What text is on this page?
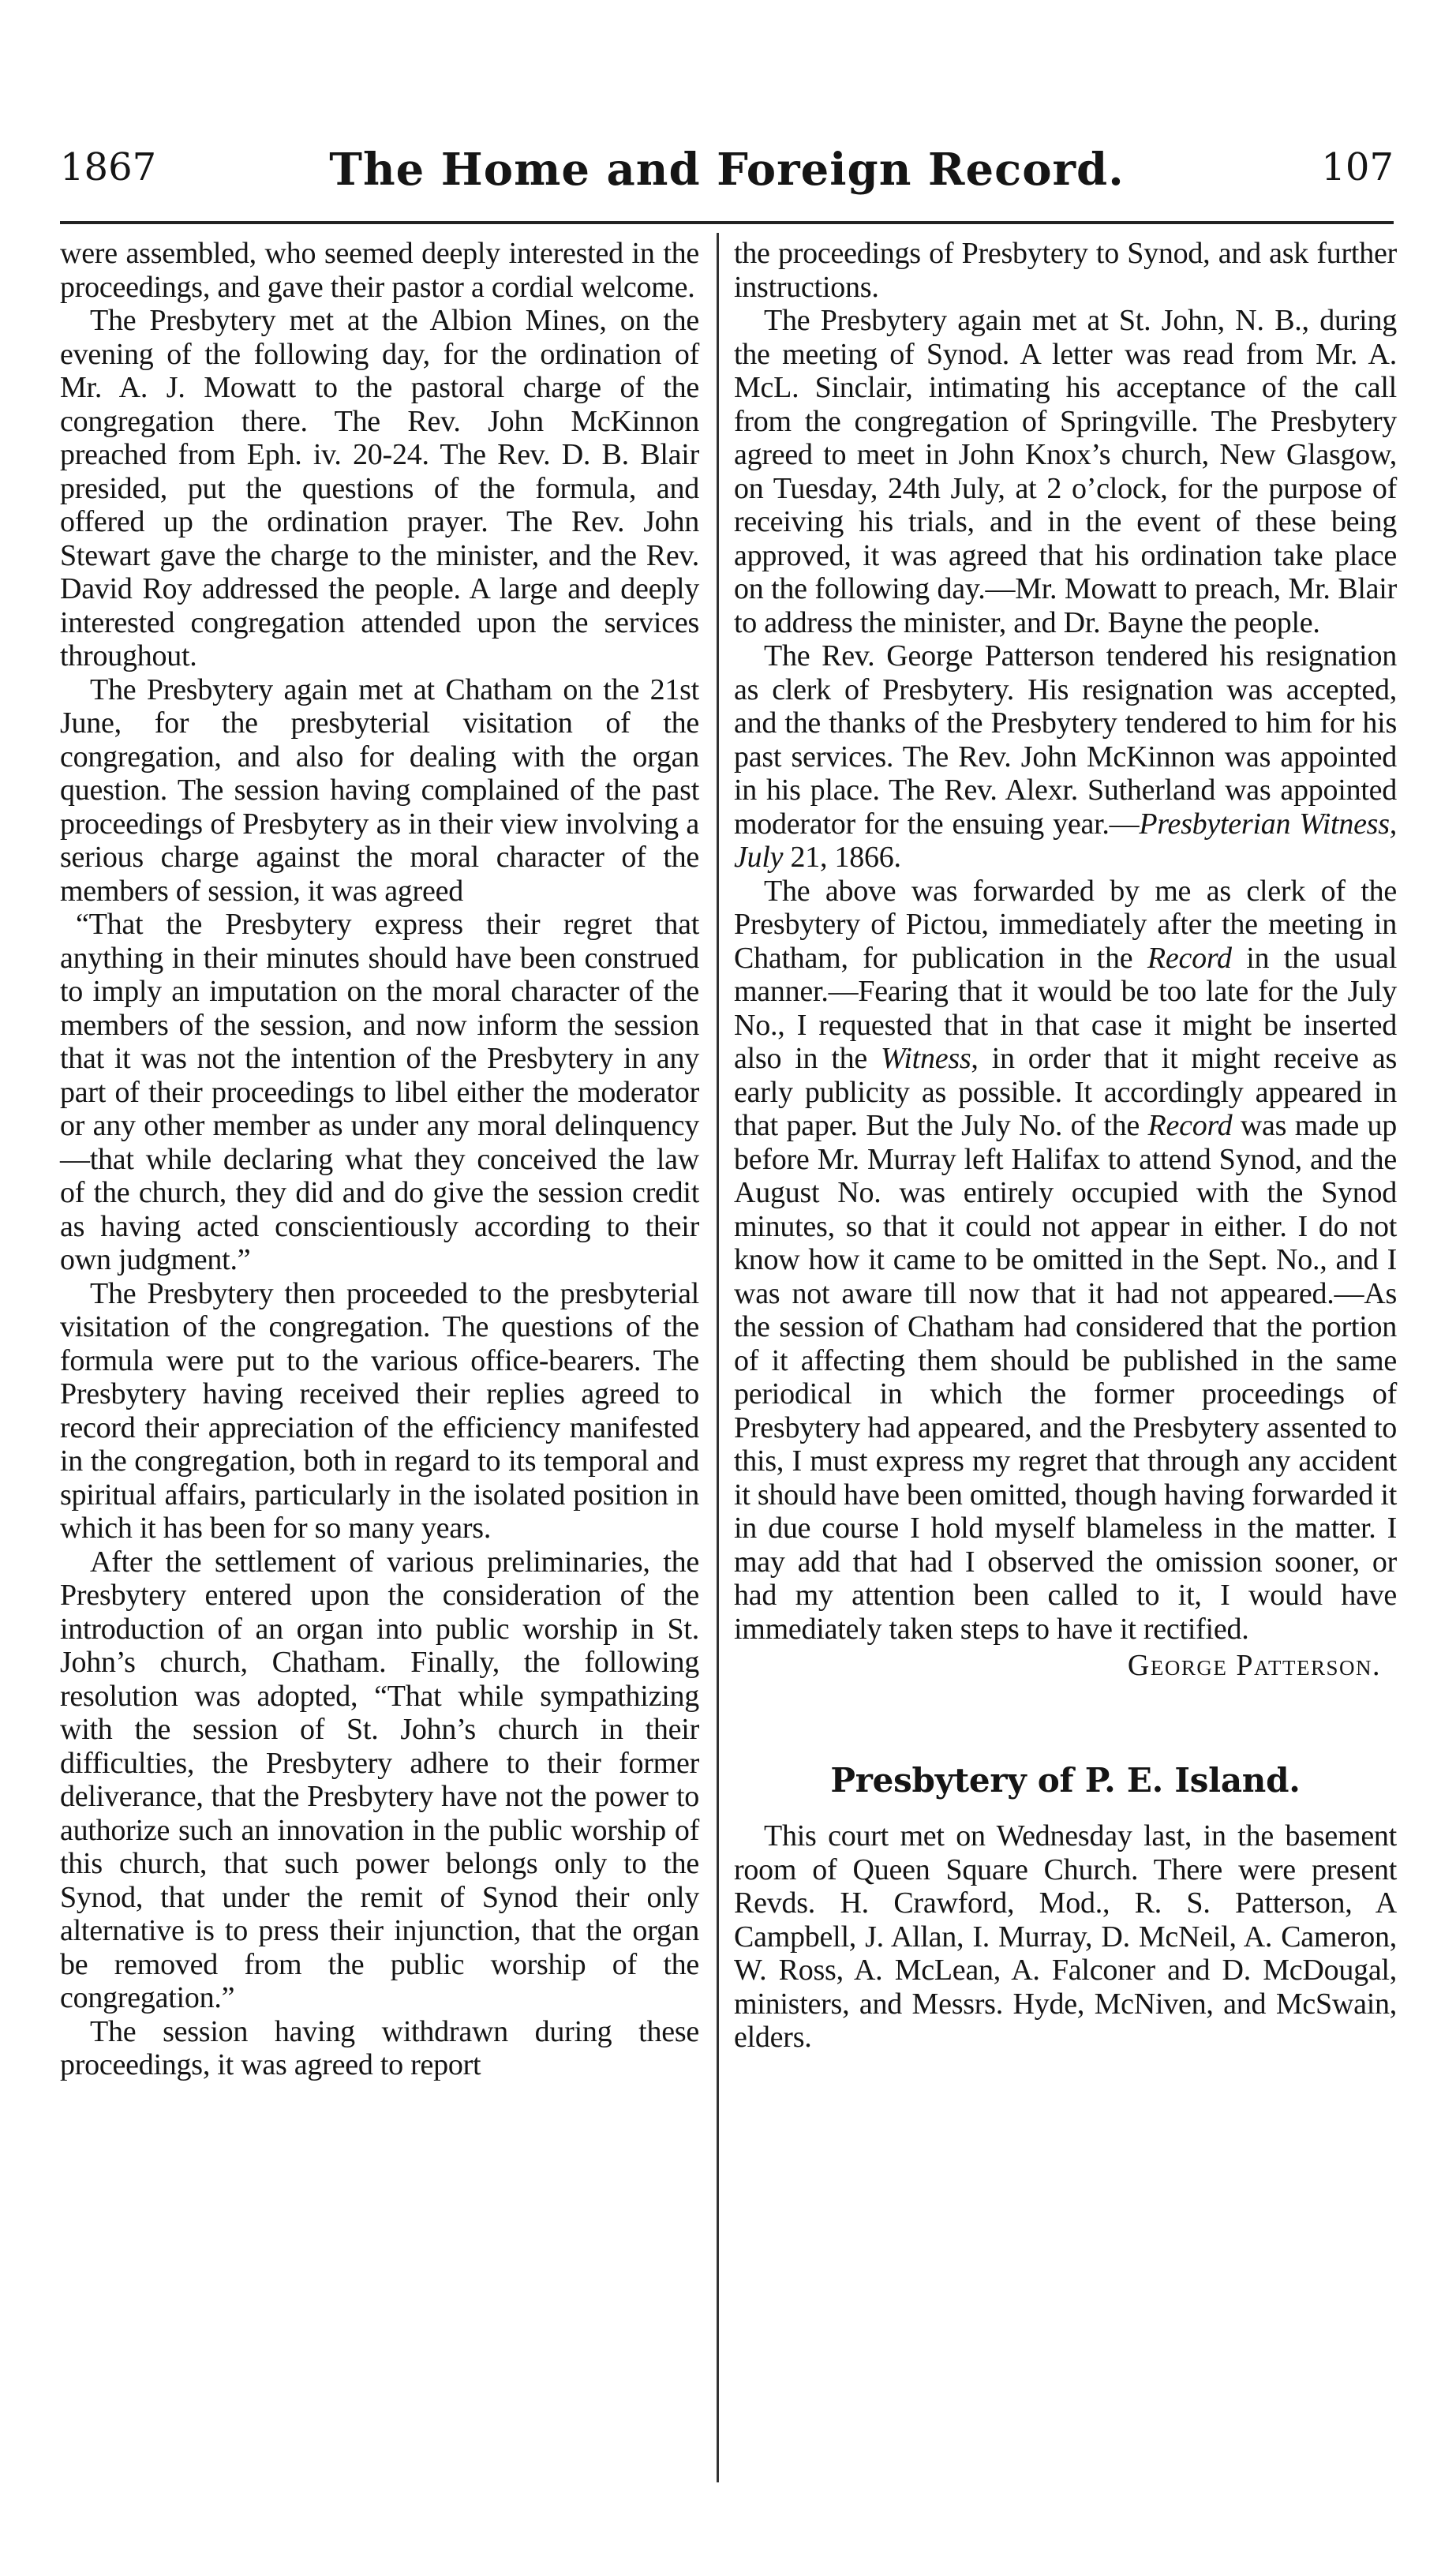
1867	The Home and Foreign Record.	107

were assembled, who seemed deeply interested in the proceedings, and gave their pastor a cordial welcome.

The Presbytery met at the Albion Mines, on the evening of the following day, for the ordination of Mr. A. J. Mowatt to the pastoral charge of the congregation there. The Rev. John McKinnon preached from Eph. iv. 20-24. The Rev. D. B. Blair presided, put the questions of the formula, and offered up the ordination prayer. The Rev. John Stewart gave the charge to the minister, and the Rev. David Roy addressed the people. A large and deeply interested congregation attended upon the services throughout.

The Presbytery again met at Chatham on the 21st June, for the presbyterial visitation of the congregation, and also for dealing with the organ question. The session having complained of the past proceedings of Presbytery as in their view involving a serious charge against the moral character of the members of session, it was agreed

“That the Presbytery express their regret that anything in their minutes should have been construed to imply an imputation on the moral character of the members of the session, and now inform the session that it was not the intention of the Presbytery in any part of their proceedings to libel either the moderator or any other member as under any moral delinquency—that while declaring what they conceived the law of the church, they did and do give the session credit as having acted conscientiously according to their own judgment.”

The Presbytery then proceeded to the presbyterial visitation of the congregation. The questions of the formula were put to the various office-bearers. The Presbytery having received their replies agreed to record their appreciation of the efficiency manifested in the congregation, both in regard to its temporal and spiritual affairs, particularly in the isolated position in which it has been for so many years.

After the settlement of various preliminaries, the Presbytery entered upon the consideration of the introduction of an organ into public worship in St. John’s church, Chatham. Finally, the following resolution was adopted, “That while sympathizing with the session of St. John’s church in their difficulties, the Presbytery adhere to their former deliverance, that the Presbytery have not the power to authorize such an innovation in the public worship of this church, that such power belongs only to the Synod, that under the remit of Synod their only alternative is to press their injunction, that the organ be removed from the public worship of the congregation.”

The session having withdrawn during these proceedings, it was agreed to report

the proceedings of Presbytery to Synod, and ask further instructions.

The Presbytery again met at St. John, N. B., during the meeting of Synod. A letter was read from Mr. A. McL. Sinclair, intimating his acceptance of the call from the congregation of Springville. The Presbytery agreed to meet in John Knox’s church, New Glasgow, on Tuesday, 24th July, at 2 o’clock, for the purpose of receiving his trials, and in the event of these being approved, it was agreed that his ordination take place on the following day.—Mr. Mowatt to preach, Mr. Blair to address the minister, and Dr. Bayne the people.

The Rev. George Patterson tendered his resignation as clerk of Presbytery. His resignation was accepted, and the thanks of the Presbytery tendered to him for his past services. The Rev. John McKinnon was appointed in his place. The Rev. Alexr. Sutherland was appointed moderator for the ensuing year.—Presbyterian Witness, July 21, 1866.

The above was forwarded by me as clerk of the Presbytery of Pictou, immediately after the meeting in Chatham, for publication in the Record in the usual manner.—Fearing that it would be too late for the July No., I requested that in that case it might be inserted also in the Witness, in order that it might receive as early publicity as possible. It accordingly appeared in that paper. But the July No. of the Record was made up before Mr. Murray left Halifax to attend Synod, and the August No. was entirely occupied with the Synod minutes, so that it could not appear in either. I do not know how it came to be omitted in the Sept. No., and I was not aware till now that it had not appeared.—As the session of Chatham had considered that the portion of it affecting them should be published in the same periodical in which the former proceedings of Presbytery had appeared, and the Presbytery assented to this, I must express my regret that through any accident it should have been omitted, though having forwarded it in due course I hold myself blameless in the matter. I may add that had I observed the omission sooner, or had my attention been called to it, I would have immediately taken steps to have it rectified.

George Patterson.
Presbytery of P. E. Island.

This court met on Wednesday last, in the basement room of Queen Square Church. There were present Revds. H. Crawford, Mod., R. S. Patterson, A Campbell, J. Allan, I. Murray, D. McNeil, A. Cameron, W. Ross, A. McLean, A. Falconer and D. McDougal, ministers, and Messrs. Hyde, McNiven, and McSwain, elders.
